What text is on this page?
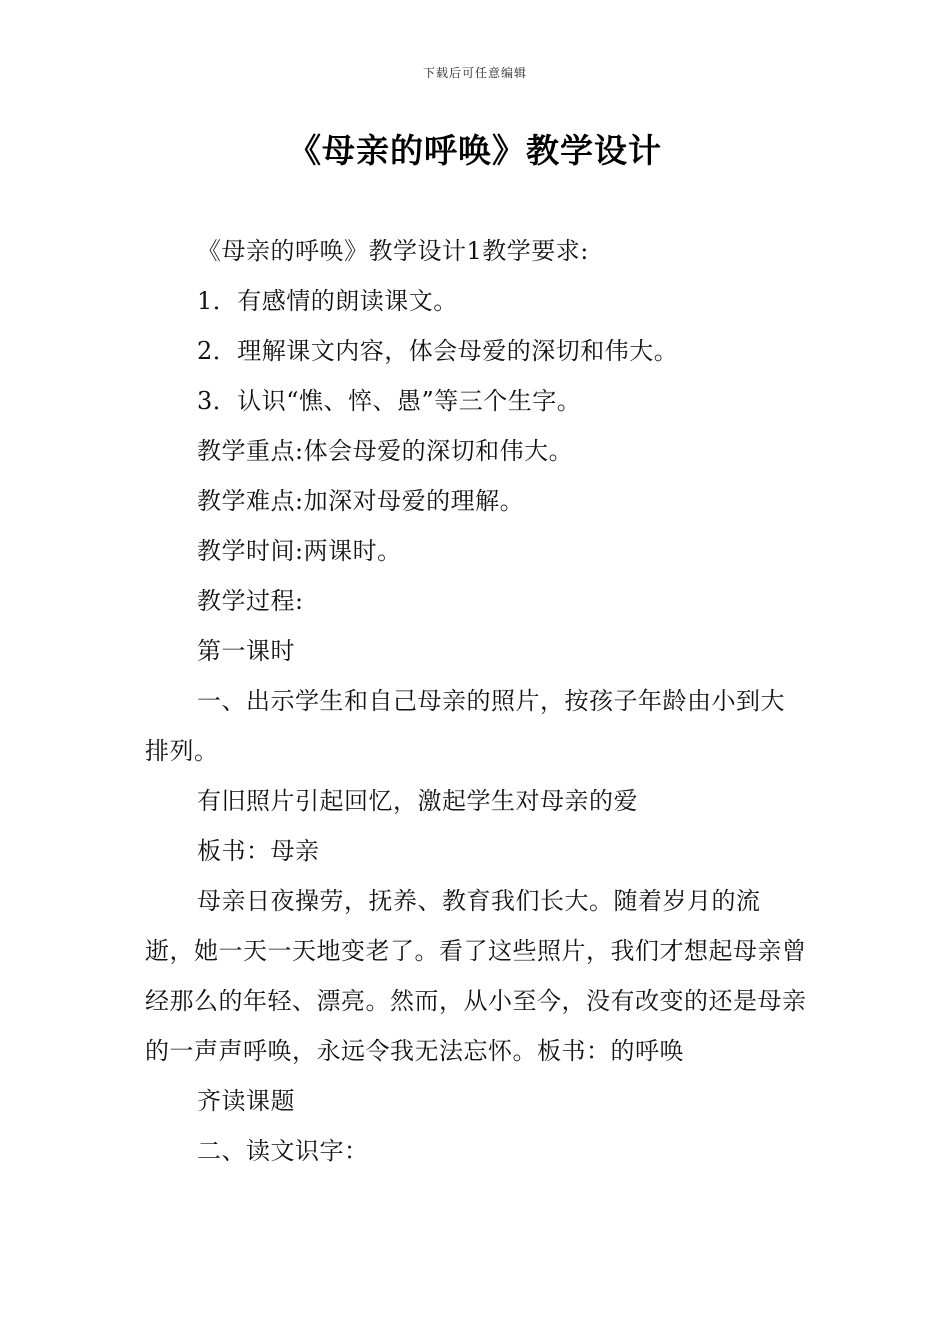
下载后可任意编辑
《母亲的呼唤》教学设计

《母亲的呼唤》教学设计1教学要求:

1．有感情的朗读课文。

2．理解课文内容，体会母爱的深切和伟大。

3．认识“憔、悴、愚”等三个生字。

教学重点:体会母爱的深切和伟大。

教学难点:加深对母爱的理解。

教学时间:两课时。

教学过程:

第一课时

一、出示学生和自己母亲的照片，按孩子年龄由小到大排列。

有旧照片引起回忆，激起学生对母亲的爱

板书：母亲

母亲日夜操劳，抚养、教育我们长大。随着岁月的流逝，她一天一天地变老了。看了这些照片，我们才想起母亲曾经那么的年轻、漂亮。然而，从小至今，没有改变的还是母亲的一声声呼唤，永远令我无法忘怀。板书：的呼唤

齐读课题

二、读文识字：
